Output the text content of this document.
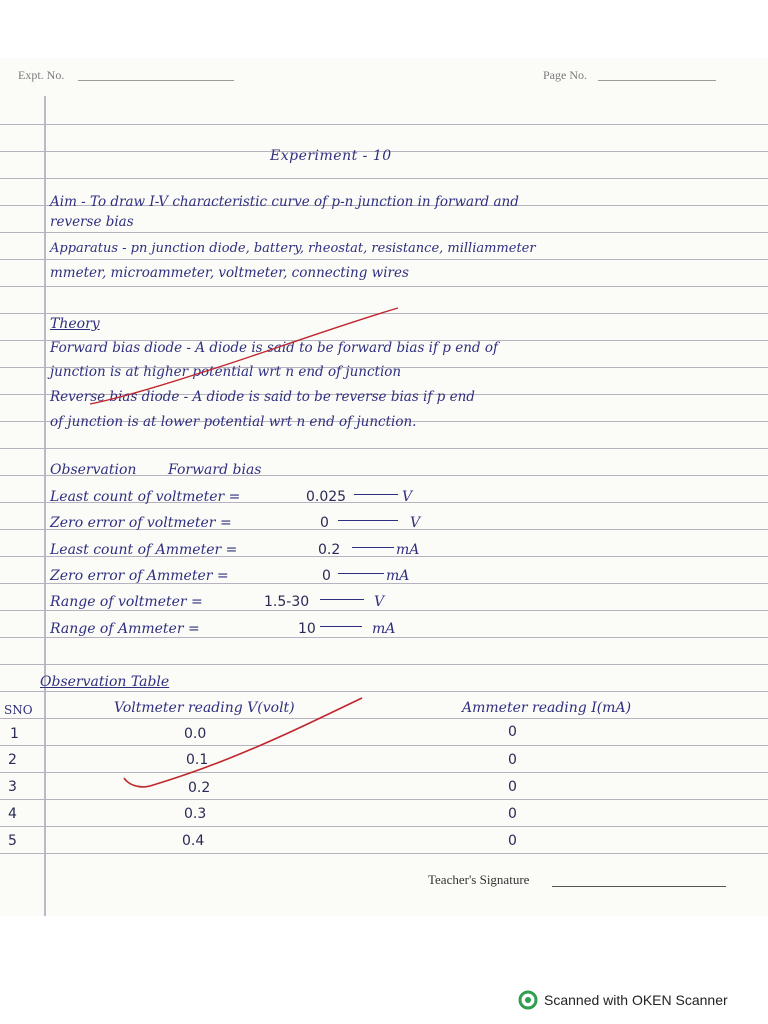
Expt. No.	Page No.
Experiment - 10
Aim - To draw I-V characteristic curve of p-n junction in forward and
reverse bias
Apparatus - pn junction diode, battery, rheostat, resistance, milliammeter
mmeter, microammeter, voltmeter, connecting wires
Theory
Forward bias diode - A diode is said to be forward bias if p end of
junction is at higher potential wrt n end of junction
Reverse bias diode - A diode is said to be reverse bias if p end
of junction is at lower potential wrt n end of junction.
Observation Forward bias
Least count of voltmeter =	0.025	V
Zero error of voltmeter =	0	V
Least count of Ammeter =	0.2	mA
Zero error of Ammeter =	0	mA
Range of voltmeter =	1.5-30	V
Range of Ammeter =	10	mA
Observation Table
SNO	Voltmeter reading V(volt)	Ammeter reading I(mA)
1	0.0	0
2	0.1	0
3	0.2	0
4	0.3	0
5	0.4	0
Teacher's Signature
Scanned with OKEN Scanner
